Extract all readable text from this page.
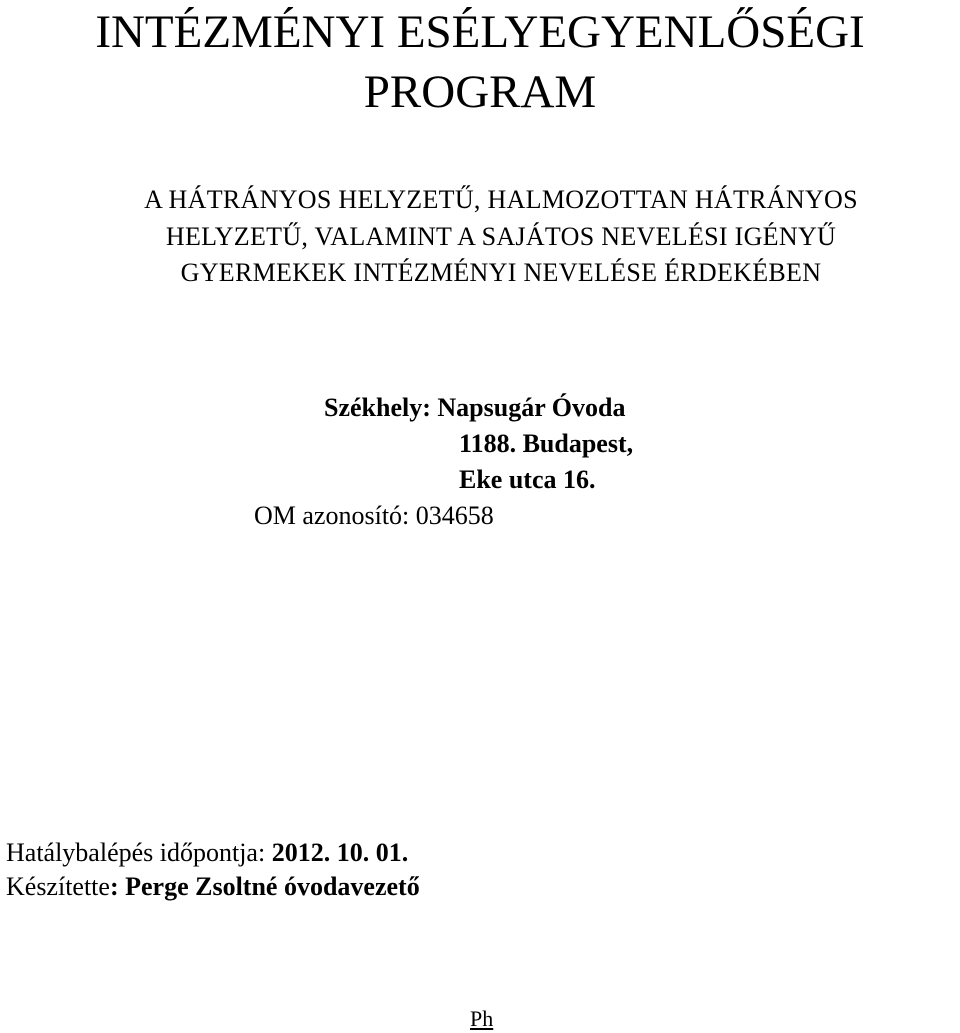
INTÉZMÉNYI ESÉLYEGYENLŐSÉGI
PROGRAM

A HÁTRÁNYOS HELYZETŰ, HALMOZOTTAN HÁTRÁNYOS

HELYZETŰ, VALAMINT A SAJÁTOS NEVELÉSI IGÉNYŰ

GYERMEKEK INTÉZMÉNYI NEVELÉSE ÉRDEKÉBEN

Székhely: Napsugár Óvoda

1188. Budapest,

Eke utca 16.

OM azonosító: 034658

Hatálybalépés időpontja: 2012. 10. 01.

Készítette: Perge Zsoltné óvodavezető

Ph
